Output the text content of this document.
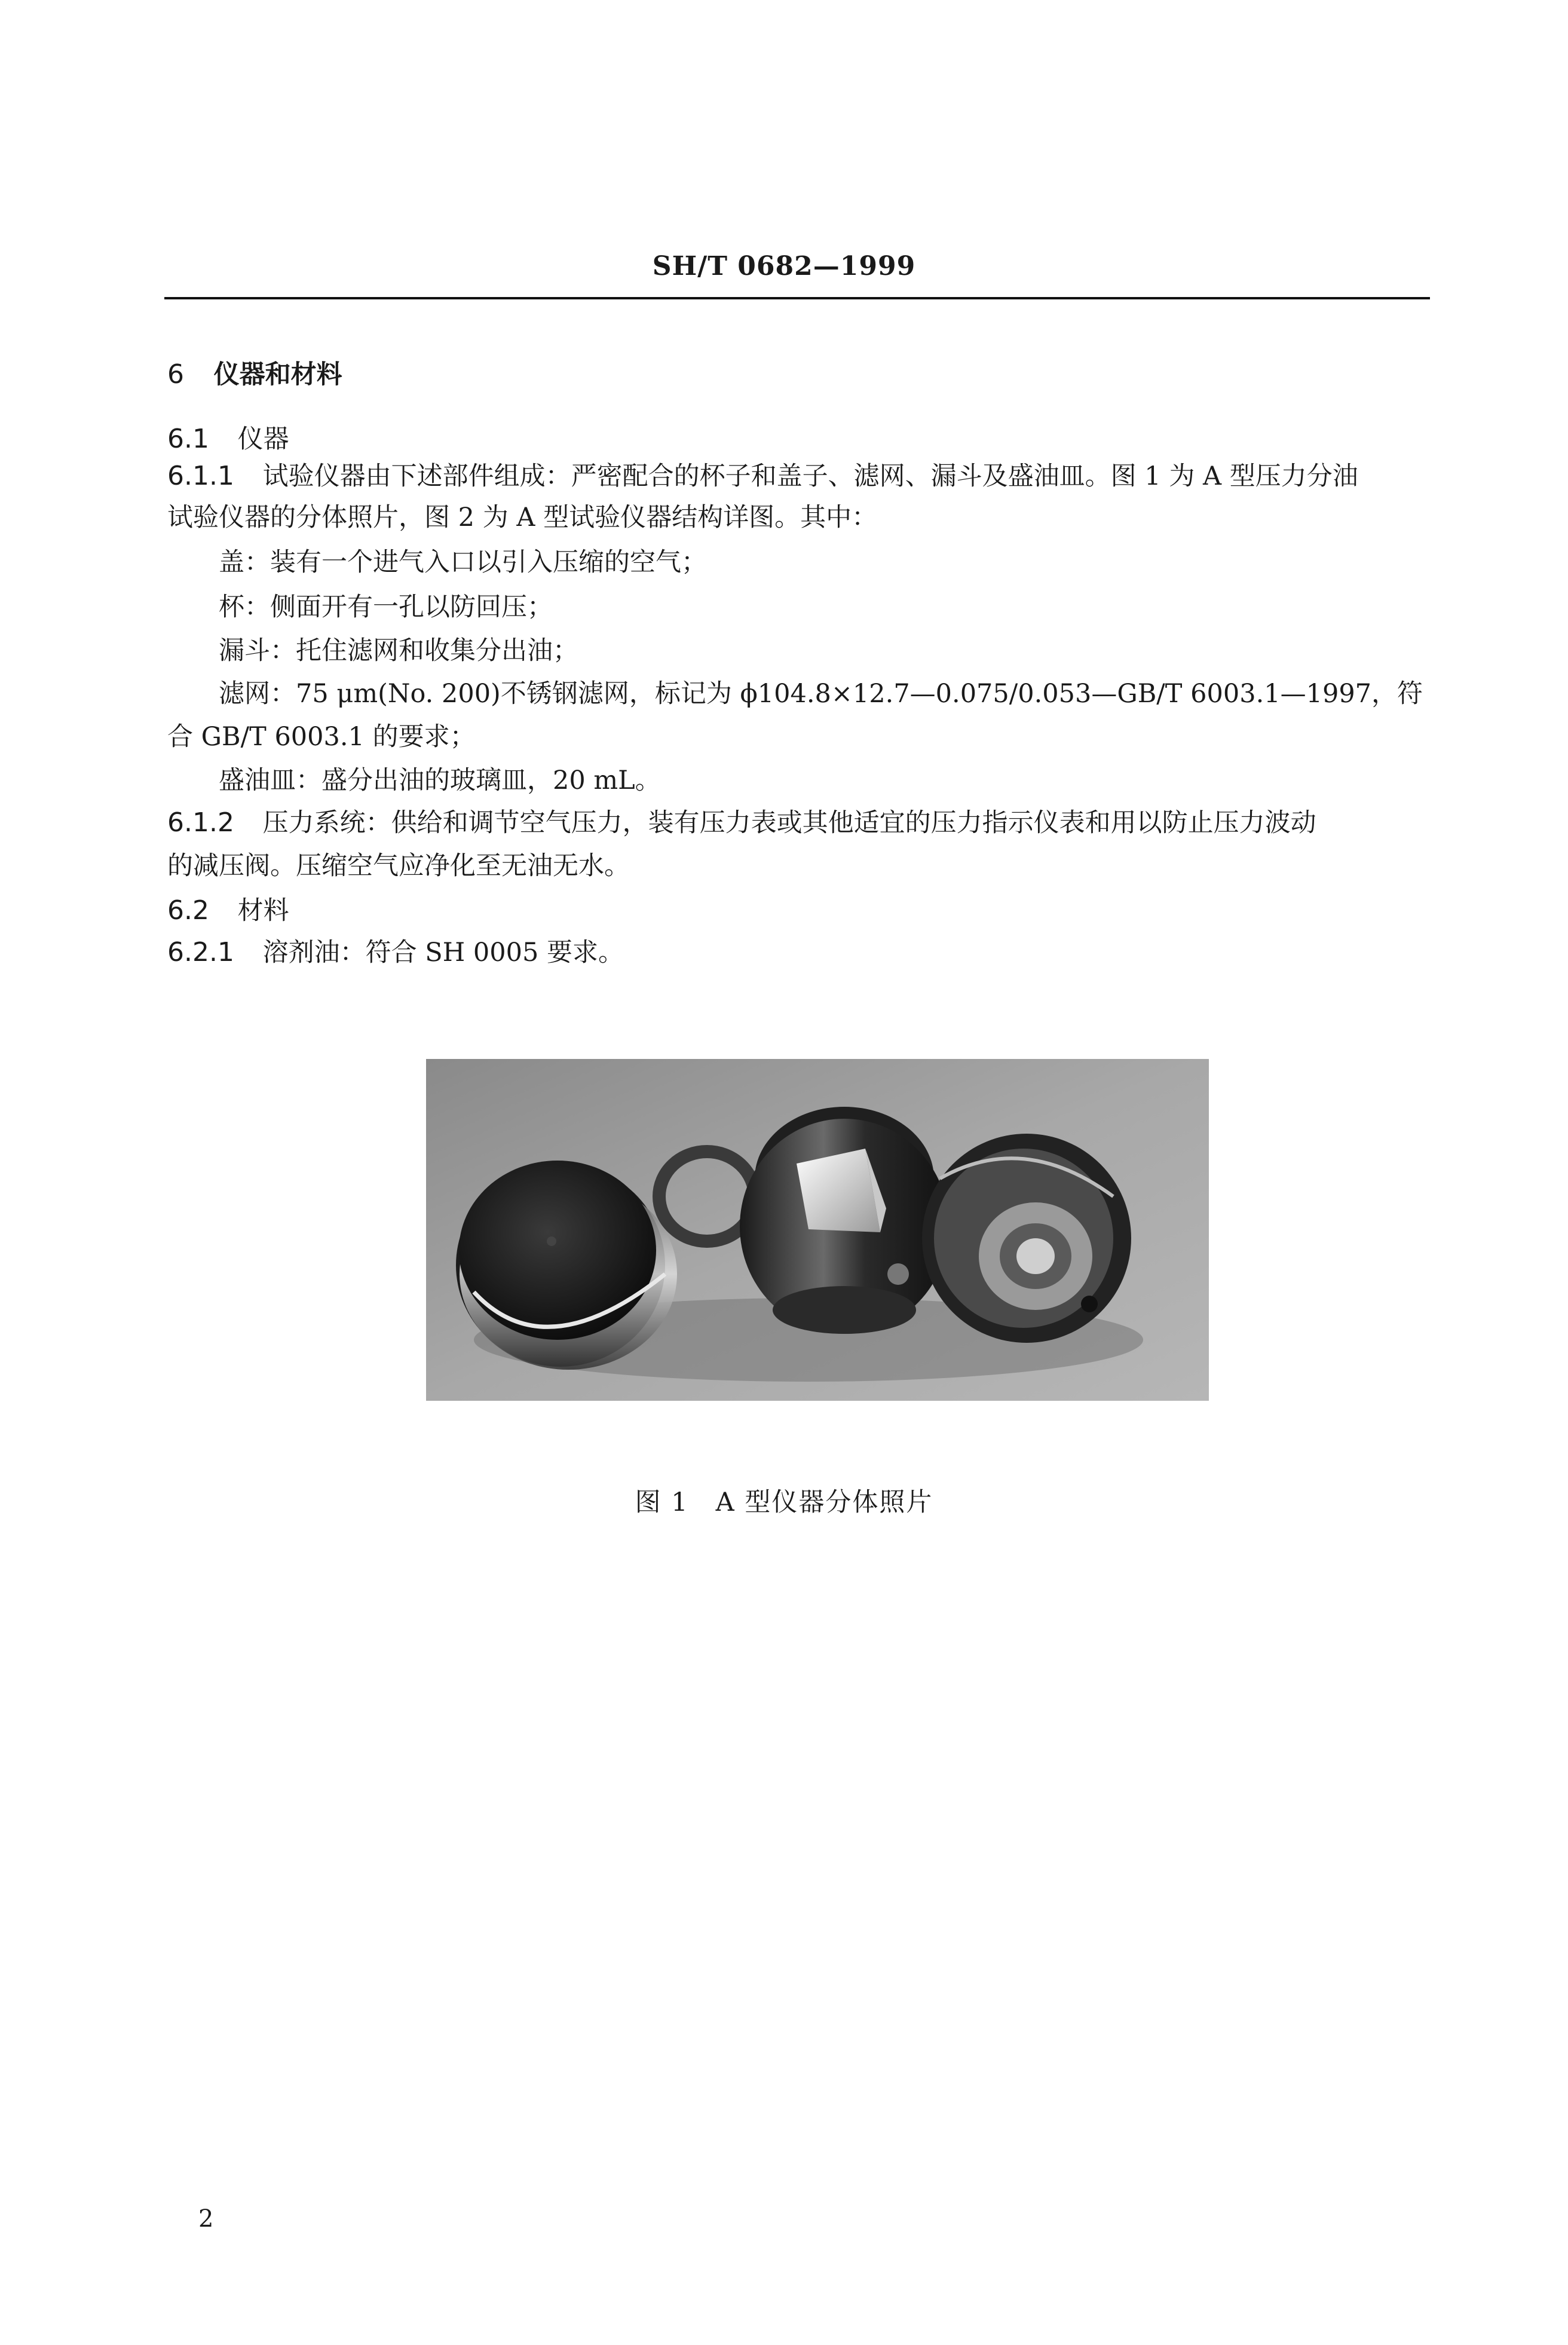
SH/T 0682—1999
6 仪器和材料
6.1 仪器
6.1.1 试验仪器由下述部件组成：严密配合的杯子和盖子、滤网、漏斗及盛油皿。图 1 为 A 型压力分油
试验仪器的分体照片，图 2 为 A 型试验仪器结构详图。其中：
盖：装有一个进气入口以引入压缩的空气；
杯：侧面开有一孔以防回压；
漏斗：托住滤网和收集分出油；
滤网：75 μm(No. 200)不锈钢滤网，标记为 ϕ104.8×12.7—0.075/0.053—GB/T 6003.1—1997，符
合 GB/T 6003.1 的要求；
盛油皿：盛分出油的玻璃皿，20 mL。
6.1.2 压力系统：供给和调节空气压力，装有压力表或其他适宜的压力指示仪表和用以防止压力波动
的减压阀。压缩空气应净化至无油无水。
6.2 材料
6.2.1 溶剂油：符合 SH 0005 要求。
图 1　A 型仪器分体照片
2
